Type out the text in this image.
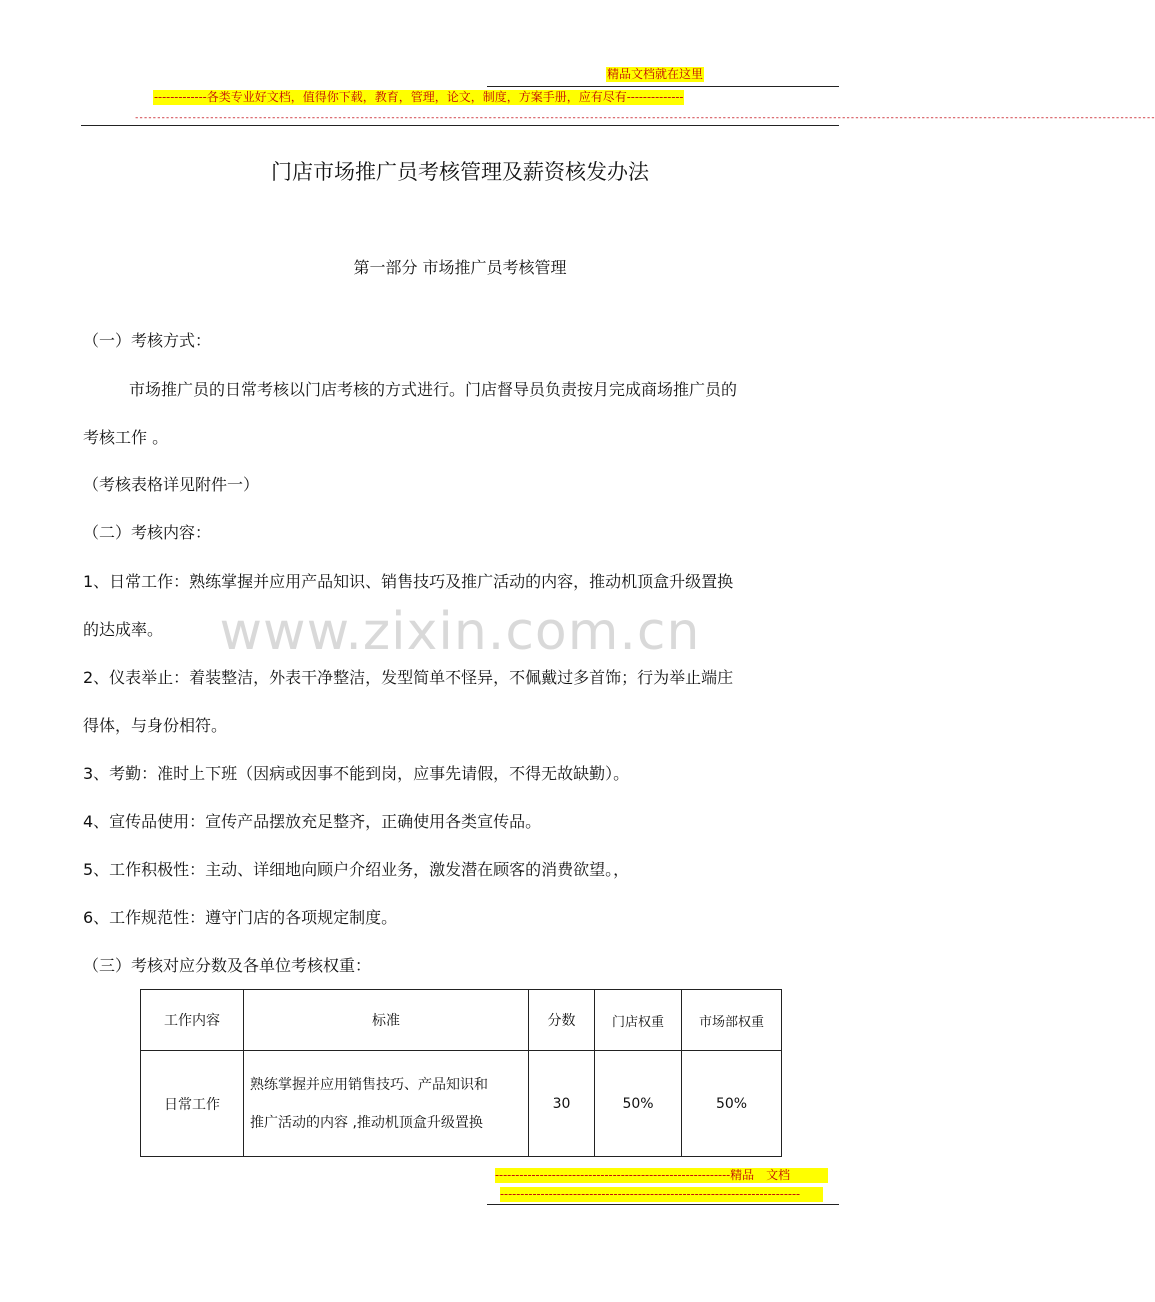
精品文档就在这里
-------------各类专业好文档，值得你下载，教育，管理，论文，制度，方案手册，应有尽有--------------
---------------------------------------------------------------------------------------------------------------------------------------------------------------------------------------------------------------------------------------
www.zixin.com.cn
门店市场推广员考核管理及薪资核发办法
第一部分 市场推广员考核管理
（一）考核方式：
市场推广员的日常考核以门店考核的方式进行。门店督导员负责按月完成商场推广员的
考核工作 。
（考核表格详见附件一）
（二）考核内容：
1、日常工作：熟练掌握并应用产品知识、销售技巧及推广活动的内容，推动机顶盒升级置换
的达成率。
2、仪表举止：着装整洁，外表干净整洁，发型简单不怪异，不佩戴过多首饰；行为举止端庄
得体，与身份相符。
3、考勤：准时上下班（因病或因事不能到岗，应事先请假，不得无故缺勤）。
4、宣传品使用：宣传产品摆放充足整齐，正确使用各类宣传品。
5、工作积极性：主动、详细地向顾户介绍业务，激发潜在顾客的消费欲望。，
6、工作规范性：遵守门店的各项规定制度。
（三）考核对应分数及各单位考核权重：
工作内容	标准	分数	门店权重	市场部权重
日常工作	熟练掌握并应用销售技巧、产品知识和
推广活动的内容 ,推动机顶盒升级置换	30	50%	50%
----------------------------------------------------------精品　文档
--------------------------------------------------------------------------
